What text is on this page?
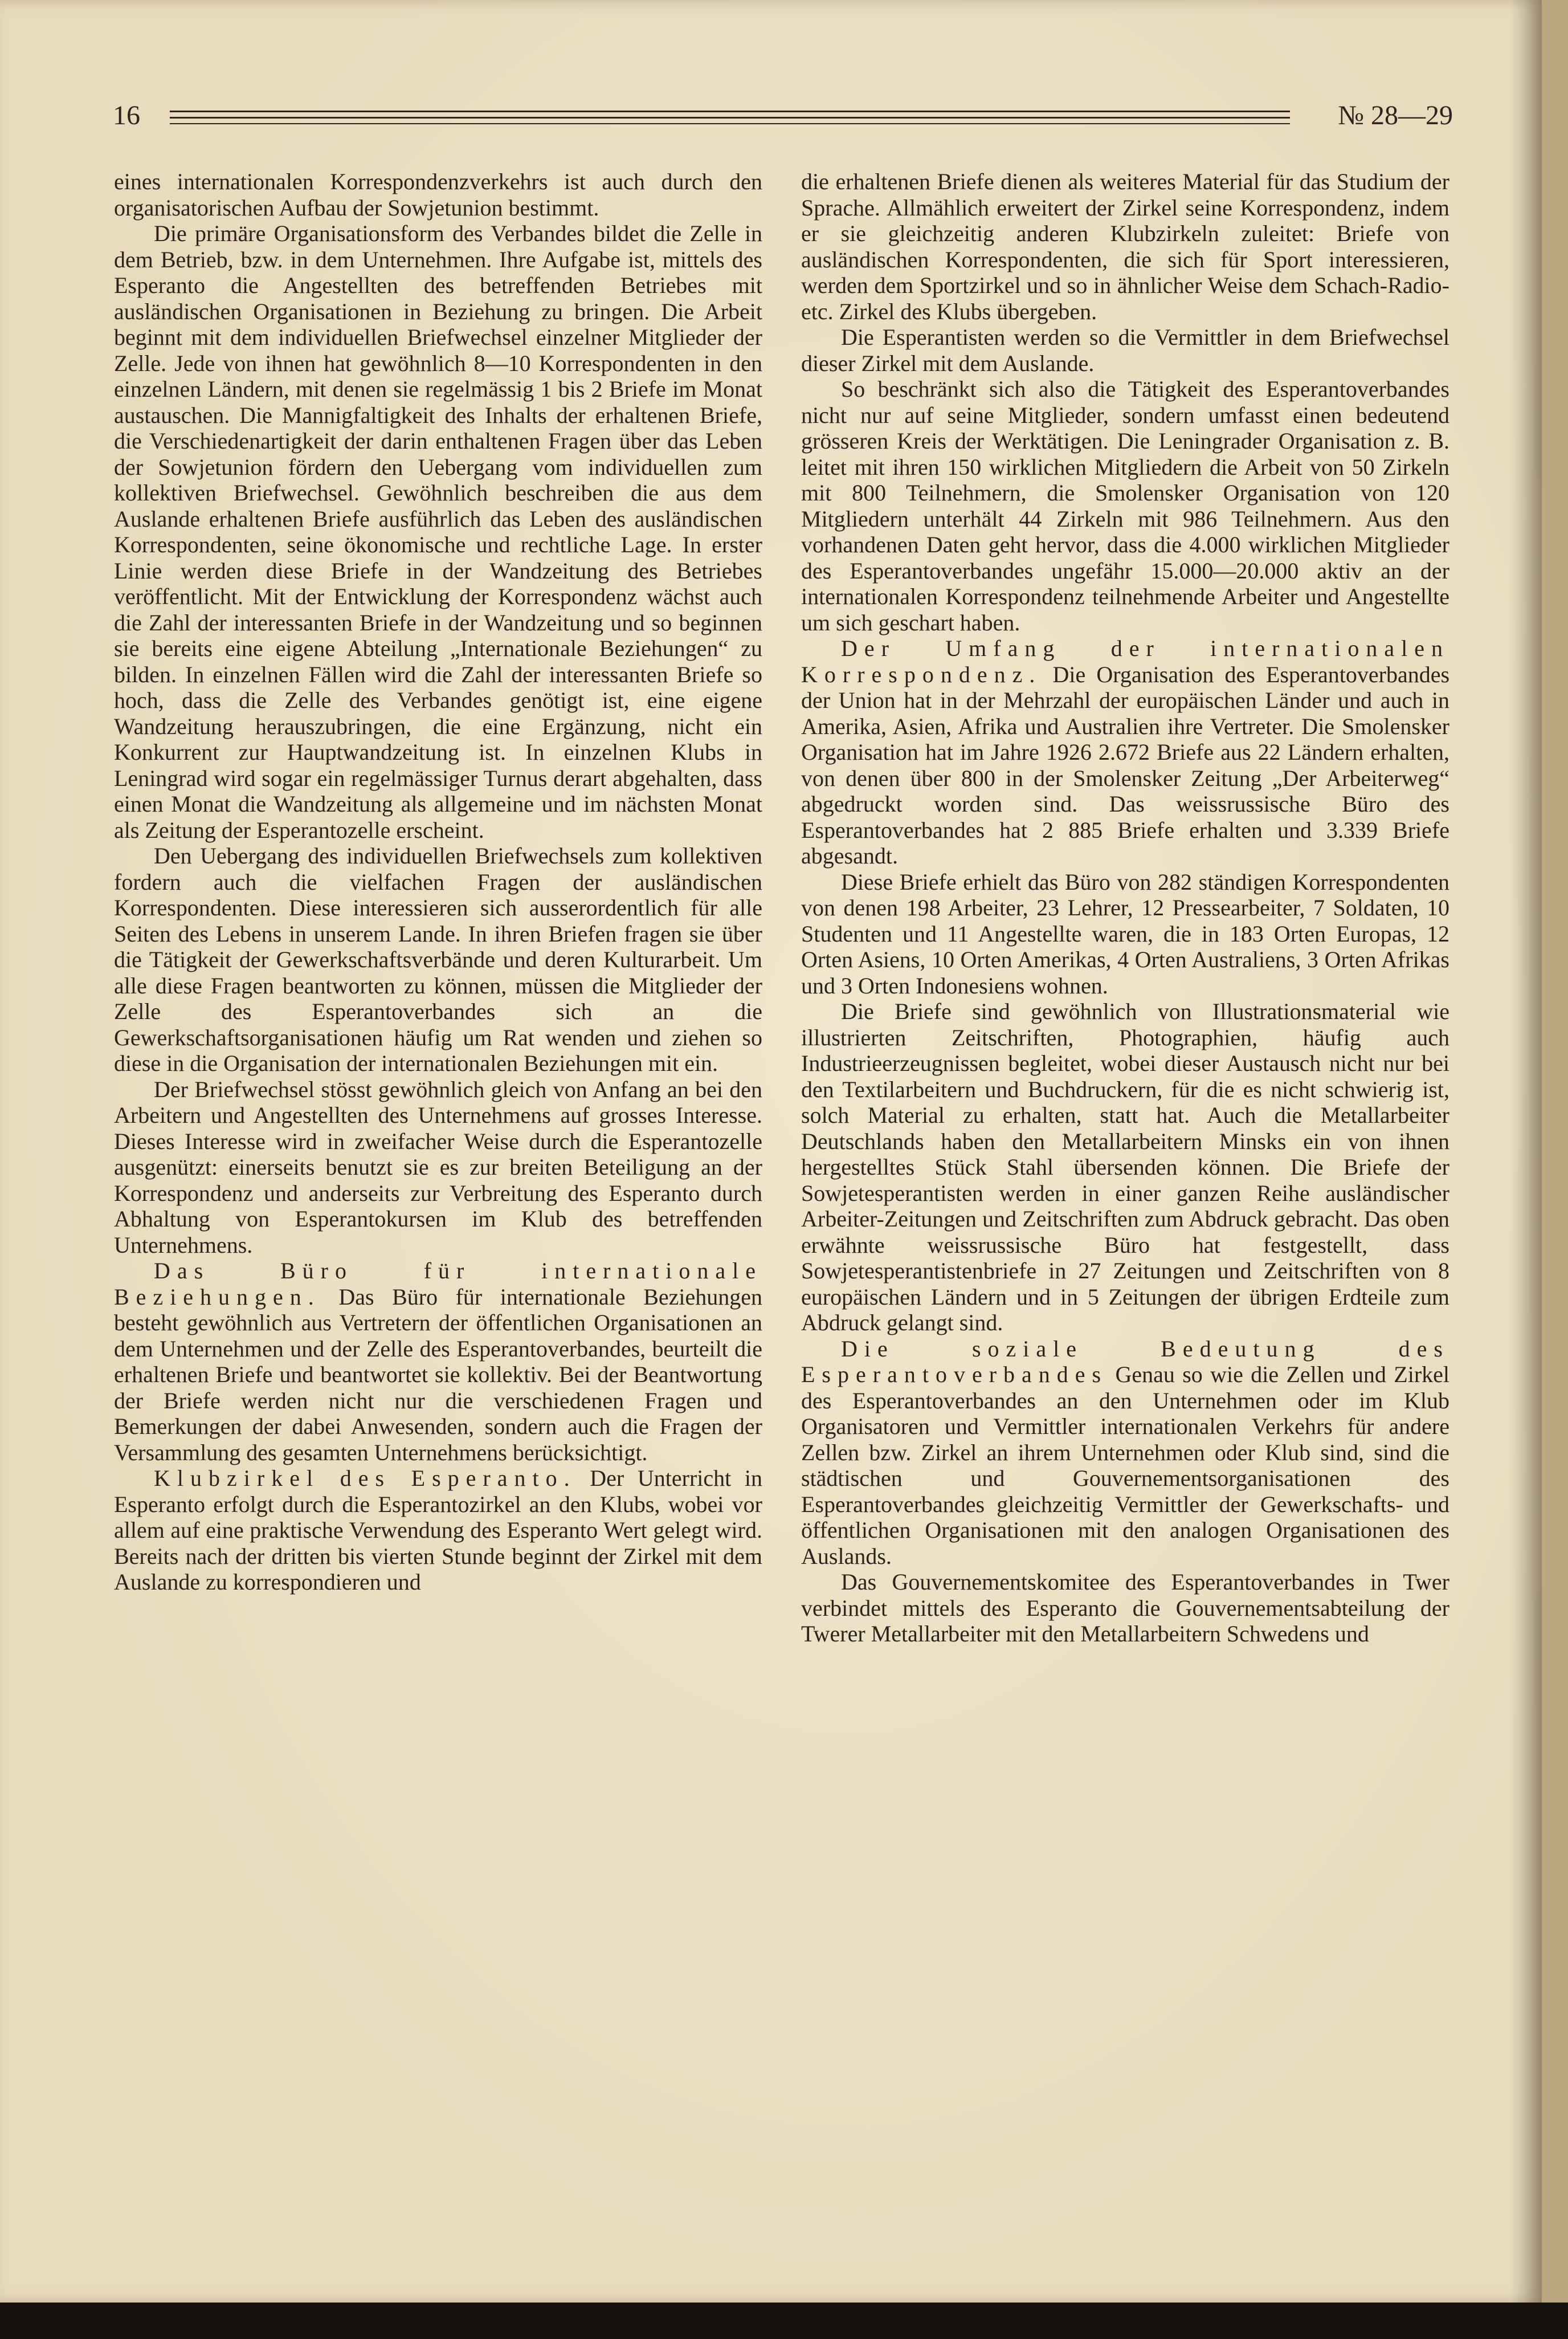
16	№ 28—29

eines internationalen Korrespondenzverkehrs ist auch durch den organisatorischen Aufbau der Sowjetunion bestimmt.

Die primäre Organisationsform des Verbandes bildet die Zelle in dem Betrieb, bzw. in dem Unternehmen. Ihre Aufgabe ist, mittels des Esperanto die Angestellten des betreffenden Betriebes mit ausländischen Organisationen in Beziehung zu bringen. Die Arbeit beginnt mit dem individuellen Briefwechsel einzelner Mitglieder der Zelle. Jede von ihnen hat gewöhnlich 8—10 Korrespondenten in den einzelnen Ländern, mit denen sie regelmässig 1 bis 2 Briefe im Monat austauschen. Die Mannigfaltigkeit des Inhalts der erhaltenen Briefe, die Verschiedenartigkeit der darin enthaltenen Fragen über das Leben der Sowjetunion fördern den Uebergang vom individuellen zum kollektiven Briefwechsel. Gewöhnlich beschreiben die aus dem Auslande erhaltenen Briefe ausführlich das Leben des ausländischen Korrespondenten, seine ökonomische und rechtliche Lage. In erster Linie werden diese Briefe in der Wandzeitung des Betriebes veröffentlicht. Mit der Entwicklung der Korrespondenz wächst auch die Zahl der interessanten Briefe in der Wandzeitung und so beginnen sie bereits eine eigene Abteilung „Internationale Beziehungen“ zu bilden. In einzelnen Fällen wird die Zahl der interessanten Briefe so hoch, dass die Zelle des Verbandes genötigt ist, eine eigene Wandzeitung herauszubringen, die eine Ergänzung, nicht ein Konkurrent zur Hauptwandzeitung ist. In einzelnen Klubs in Leningrad wird sogar ein regelmässiger Turnus derart abgehalten, dass einen Monat die Wandzeitung als allgemeine und im nächsten Monat als Zeitung der Esperantozelle erscheint.

Den Uebergang des individuellen Briefwechsels zum kollektiven fordern auch die vielfachen Fragen der ausländischen Korrespondenten. Diese interessieren sich ausserordentlich für alle Seiten des Lebens in unserem Lande. In ihren Briefen fragen sie über die Tätigkeit der Gewerkschaftsverbände und deren Kulturarbeit. Um alle diese Fragen beantworten zu können, müssen die Mitglieder der Zelle des Esperantoverbandes sich an die Gewerkschaftsorganisationen häufig um Rat wenden und ziehen so diese in die Organisation der internationalen Beziehungen mit ein.

Der Briefwechsel stösst gewöhnlich gleich von Anfang an bei den Arbeitern und Angestellten des Unternehmens auf grosses Interesse. Dieses Interesse wird in zweifacher Weise durch die Esperantozelle ausgenützt: einerseits benutzt sie es zur breiten Beteiligung an der Korrespondenz und anderseits zur Verbreitung des Esperanto durch Abhaltung von Esperantokursen im Klub des betreffenden Unternehmens.

Das Büro für internationale Beziehungen. Das Büro für internationale Beziehungen besteht gewöhnlich aus Vertretern der öffentlichen Organisationen an dem Unternehmen und der Zelle des Esperantoverbandes, beurteilt die erhaltenen Briefe und beantwortet sie kollektiv. Bei der Beantwortung der Briefe werden nicht nur die verschiedenen Fragen und Bemerkungen der dabei Anwesenden, sondern auch die Fragen der Versammlung des gesamten Unternehmens berücksichtigt.

Klubzirkel des Esperanto. Der Unterricht in Esperanto erfolgt durch die Esperantozirkel an den Klubs, wobei vor allem auf eine praktische Verwendung des Esperanto Wert gelegt wird. Bereits nach der dritten bis vierten Stunde beginnt der Zirkel mit dem Auslande zu korrespondieren und

die erhaltenen Briefe dienen als weiteres Material für das Studium der Sprache. Allmählich erweitert der Zirkel seine Korrespondenz, indem er sie gleichzeitig anderen Klubzirkeln zuleitet: Briefe von ausländischen Korrespondenten, die sich für Sport interessieren, werden dem Sportzirkel und so in ähnlicher Weise dem Schach-Radio-etc. Zirkel des Klubs übergeben.

Die Esperantisten werden so die Vermittler in dem Briefwechsel dieser Zirkel mit dem Auslande.

So beschränkt sich also die Tätigkeit des Esperantoverbandes nicht nur auf seine Mitglieder, sondern umfasst einen bedeutend grösseren Kreis der Werktätigen. Die Leningrader Organisation z. B. leitet mit ihren 150 wirklichen Mitgliedern die Arbeit von 50 Zirkeln mit 800 Teilnehmern, die Smolensker Organisation von 120 Mitgliedern unterhält 44 Zirkeln mit 986 Teilnehmern. Aus den vorhandenen Daten geht hervor, dass die 4.000 wirklichen Mitglieder des Esperantoverbandes ungefähr 15.000—20.000 aktiv an der internationalen Korrespondenz teilnehmende Arbeiter und Angestellte um sich geschart haben.

Der Umfang der internationalen Korrespondenz. Die Organisation des Esperantoverbandes der Union hat in der Mehrzahl der europäischen Länder und auch in Amerika, Asien, Afrika und Australien ihre Vertreter. Die Smolensker Organisation hat im Jahre 1926 2.672 Briefe aus 22 Ländern erhalten, von denen über 800 in der Smolensker Zeitung „Der Arbeiterweg“ abgedruckt worden sind. Das weissrussische Büro des Esperantoverbandes hat 2 885 Briefe erhalten und 3.339 Briefe abgesandt.

Diese Briefe erhielt das Büro von 282 ständigen Korrespondenten von denen 198 Arbeiter, 23 Lehrer, 12 Pressearbeiter, 7 Soldaten, 10 Studenten und 11 Angestellte waren, die in 183 Orten Europas, 12 Orten Asiens, 10 Orten Amerikas, 4 Orten Australiens, 3 Orten Afrikas und 3 Orten Indonesiens wohnen.

Die Briefe sind gewöhnlich von Illustrationsmaterial wie illustrierten Zeitschriften, Photographien, häufig auch Industrieerzeugnissen begleitet, wobei dieser Austausch nicht nur bei den Textilarbeitern und Buchdruckern, für die es nicht schwierig ist, solch Material zu erhalten, statt hat. Auch die Metallarbeiter Deutschlands haben den Metallarbeitern Minsks ein von ihnen hergestelltes Stück Stahl übersenden können. Die Briefe der Sowjetesperantisten werden in einer ganzen Reihe ausländischer Arbeiter-Zeitungen und Zeitschriften zum Abdruck gebracht. Das oben erwähnte weissrussische Büro hat festgestellt, dass Sowjetesperantistenbriefe in 27 Zeitungen und Zeitschriften von 8 europäischen Ländern und in 5 Zeitungen der übrigen Erdteile zum Abdruck gelangt sind.

Die soziale Bedeutung des Esperantoverbandes Genau so wie die Zellen und Zirkel des Esperantoverbandes an den Unternehmen oder im Klub Organisatoren und Vermittler internationalen Verkehrs für andere Zellen bzw. Zirkel an ihrem Unternehmen oder Klub sind, sind die städtischen und Gouvernementsorganisationen des Esperantoverbandes gleichzeitig Vermittler der Gewerkschafts- und öffentlichen Organisationen mit den analogen Organisationen des Auslands.

Das Gouvernementskomitee des Esperantoverbandes in Twer verbindet mittels des Esperanto die Gouvernementsabteilung der Twerer Metallarbeiter mit den Metallarbeitern Schwedens und
